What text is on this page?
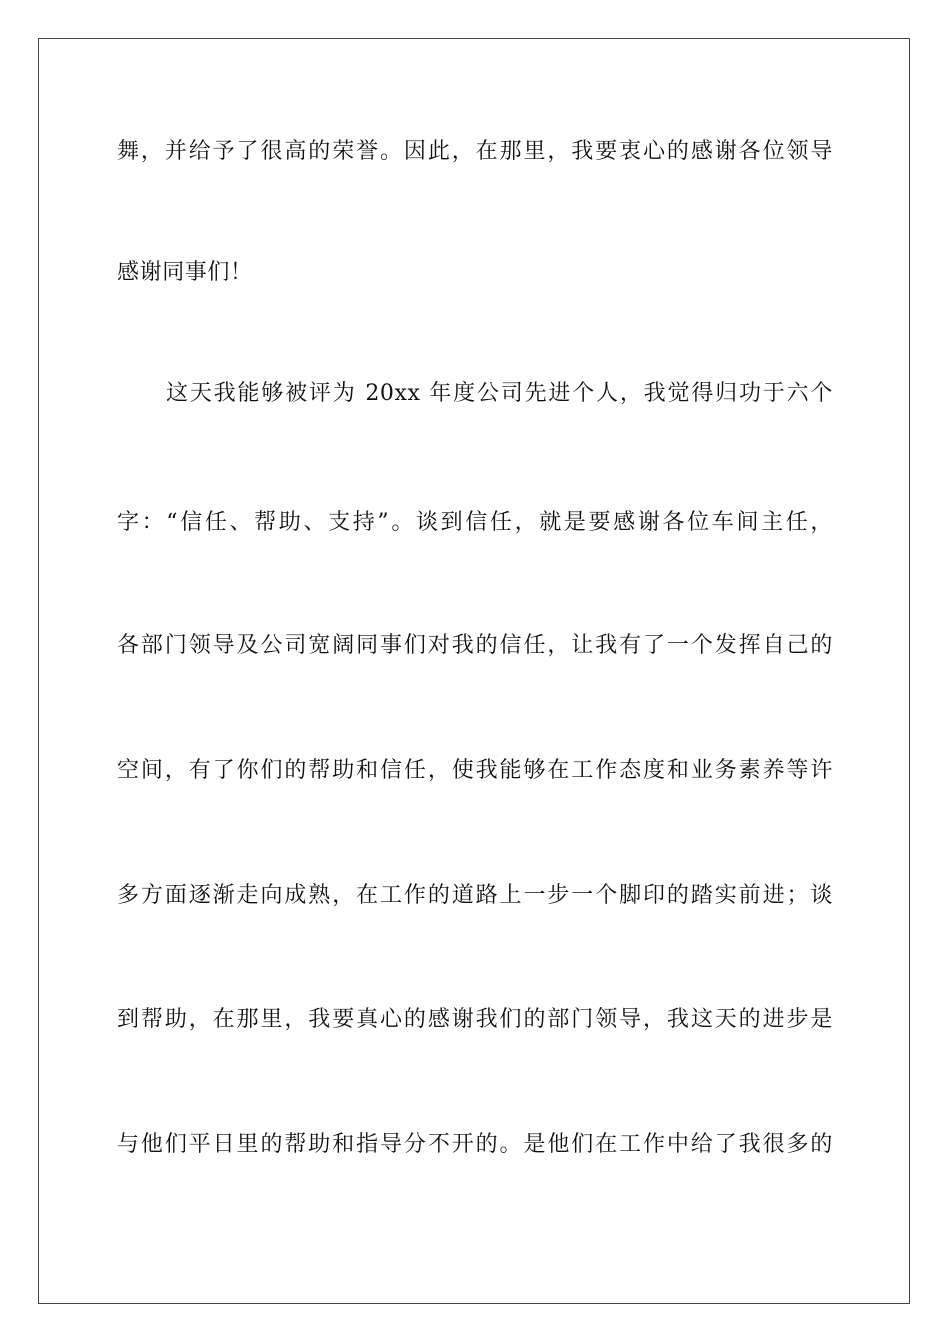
舞，并给予了很高的荣誉。因此，在那里，我要衷心的感谢各位领导
感谢同事们！
这天我能够被评为 20xx 年度公司先进个人，我觉得归功于六个
字：“信任、帮助、支持”。谈到信任，就是要感谢各位车间主任，
各部门领导及公司宽阔同事们对我的信任，让我有了一个发挥自己的
空间，有了你们的帮助和信任，使我能够在工作态度和业务素养等许
多方面逐渐走向成熟，在工作的道路上一步一个脚印的踏实前进；谈
到帮助，在那里，我要真心的感谢我们的部门领导，我这天的进步是
与他们平日里的帮助和指导分不开的。是他们在工作中给了我很多的
